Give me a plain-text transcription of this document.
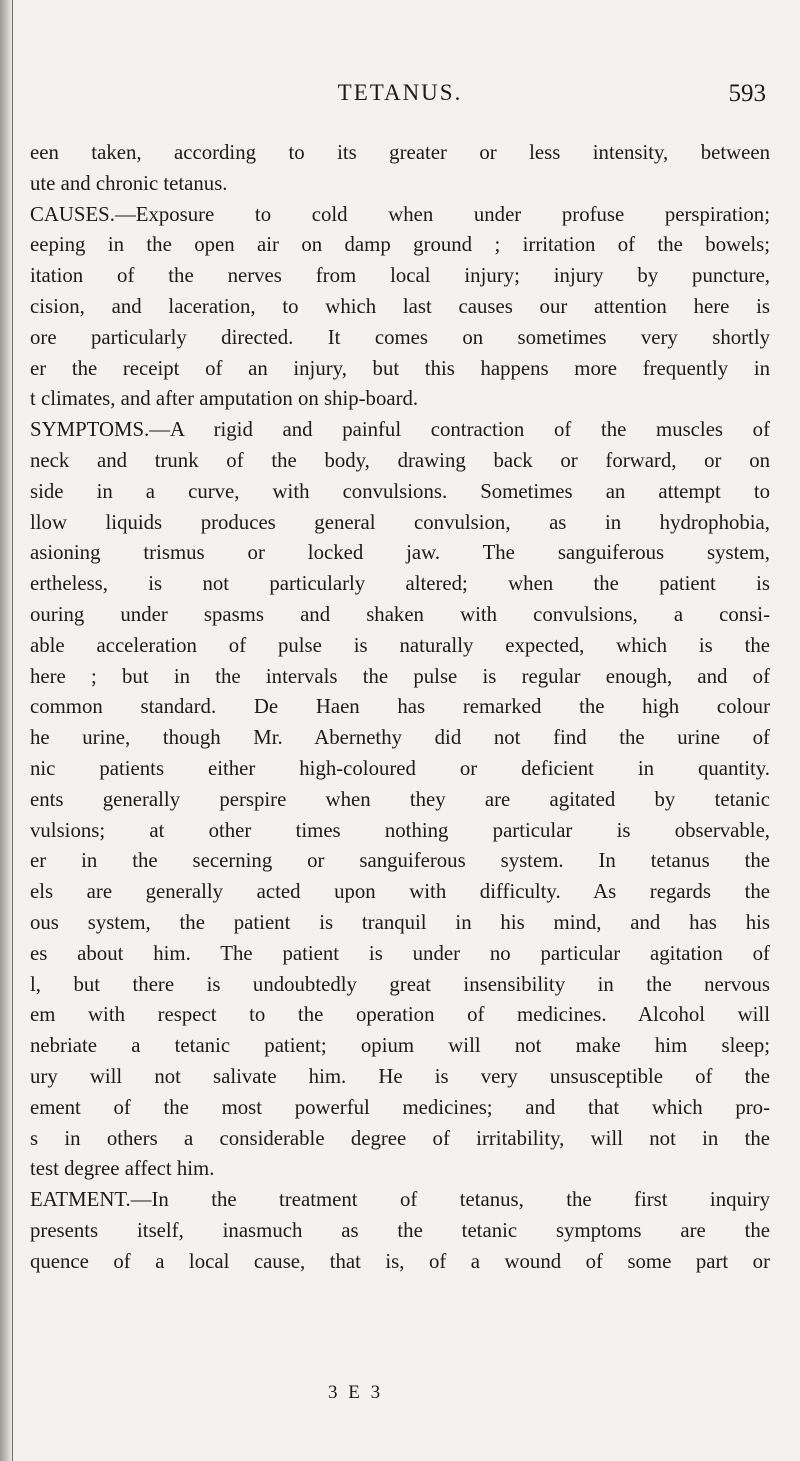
TETANUS.	593
een taken, according to its greater or less intensity, between
ute and chronic tetanus.
CAUSES.—Exposure to cold when under profuse perspiration;
eeping in the open air on damp ground ; irritation of the bowels;
itation of the nerves from local injury; injury by puncture,
cision, and laceration, to which last causes our attention here is
ore particularly directed. It comes on sometimes very shortly
er the receipt of an injury, but this happens more frequently in
t climates, and after amputation on ship-board.
SYMPTOMS.—A rigid and painful contraction of the muscles of
neck and trunk of the body, drawing back or forward, or on
side in a curve, with convulsions. Sometimes an attempt to
llow liquids produces general convulsion, as in hydrophobia,
asioning trismus or locked jaw. The sanguiferous system,
ertheless, is not particularly altered; when the patient is
ouring under spasms and shaken with convulsions, a consi-
able acceleration of pulse is naturally expected, which is the
here ; but in the intervals the pulse is regular enough, and of
common standard. De Haen has remarked the high colour
he urine, though Mr. Abernethy did not find the urine of
nic patients either high-coloured or deficient in quantity.
ents generally perspire when they are agitated by tetanic
vulsions; at other times nothing particular is observable,
er in the secerning or sanguiferous system. In tetanus the
els are generally acted upon with difficulty. As regards the
ous system, the patient is tranquil in his mind, and has his
es about him. The patient is under no particular agitation of
l, but there is undoubtedly great insensibility in the nervous
em with respect to the operation of medicines. Alcohol will
nebriate a tetanic patient; opium will not make him sleep;
ury will not salivate him. He is very unsusceptible of the
ement of the most powerful medicines; and that which pro-
s in others a considerable degree of irritability, will not in the
test degree affect him.
EATMENT.—In the treatment of tetanus, the first inquiry
presents itself, inasmuch as the tetanic symptoms are the
quence of a local cause, that is, of a wound of some part or
3 E 3
